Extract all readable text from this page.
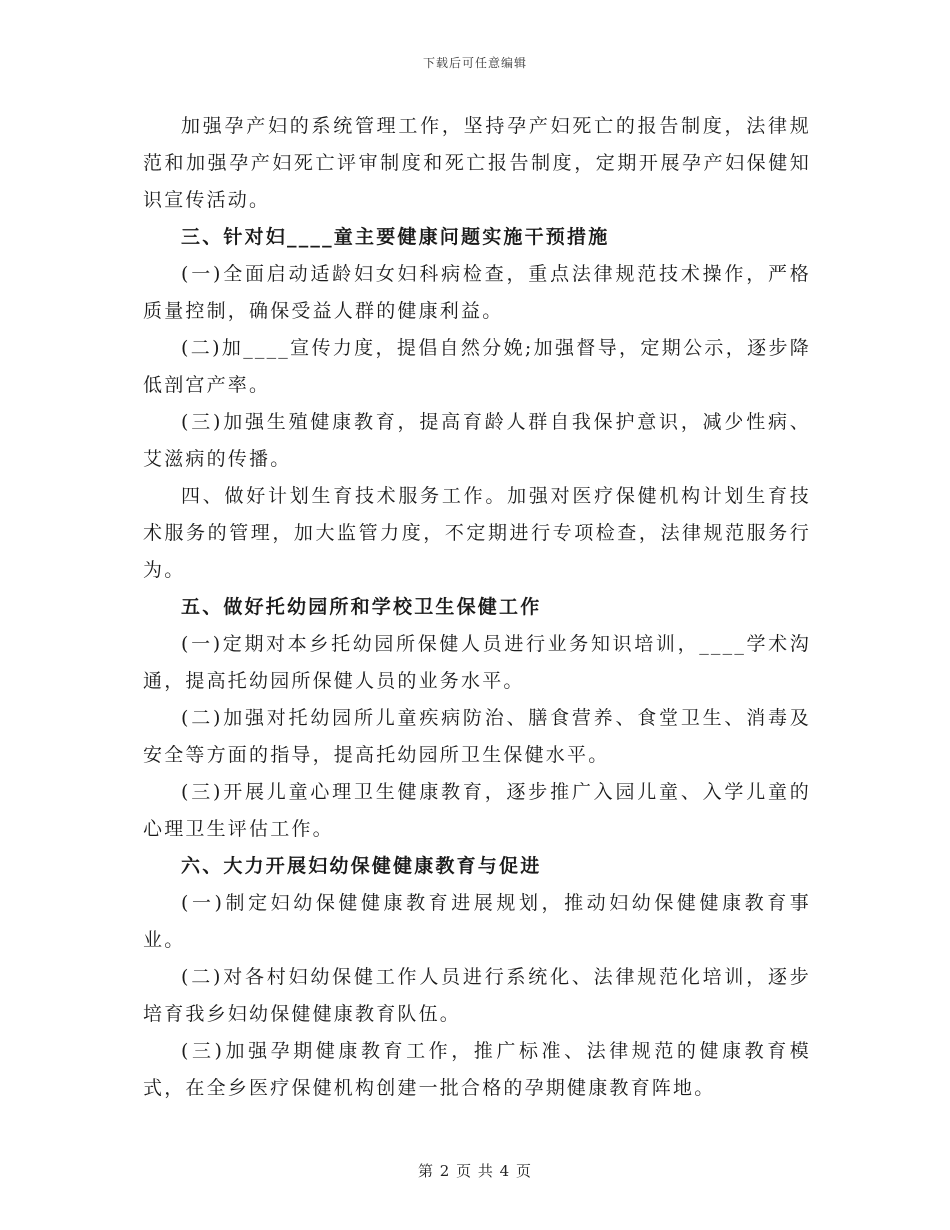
下载后可任意编辑

加强孕产妇的系统管理工作，坚持孕产妇死亡的报告制度，法律规范和加强孕产妇死亡评审制度和死亡报告制度，定期开展孕产妇保健知识宣传活动。

三、针对妇____童主要健康问题实施干预措施

(一)全面启动适龄妇女妇科病检查，重点法律规范技术操作，严格质量控制，确保受益人群的健康利益。

(二)加____宣传力度，提倡自然分娩;加强督导，定期公示，逐步降低剖宫产率。

(三)加强生殖健康教育，提高育龄人群自我保护意识，减少性病、艾滋病的传播。

四、做好计划生育技术服务工作。加强对医疗保健机构计划生育技术服务的管理，加大监管力度，不定期进行专项检查，法律规范服务行为。

五、做好托幼园所和学校卫生保健工作

(一)定期对本乡托幼园所保健人员进行业务知识培训，____学术沟通，提高托幼园所保健人员的业务水平。

(二)加强对托幼园所儿童疾病防治、膳食营养、食堂卫生、消毒及安全等方面的指导，提高托幼园所卫生保健水平。

(三)开展儿童心理卫生健康教育，逐步推广入园儿童、入学儿童的心理卫生评估工作。

六、大力开展妇幼保健健康教育与促进

(一)制定妇幼保健健康教育进展规划，推动妇幼保健健康教育事业。

(二)对各村妇幼保健工作人员进行系统化、法律规范化培训，逐步培育我乡妇幼保健健康教育队伍。

(三)加强孕期健康教育工作，推广标准、法律规范的健康教育模式，在全乡医疗保健机构创建一批合格的孕期健康教育阵地。

第 2 页 共 4 页
